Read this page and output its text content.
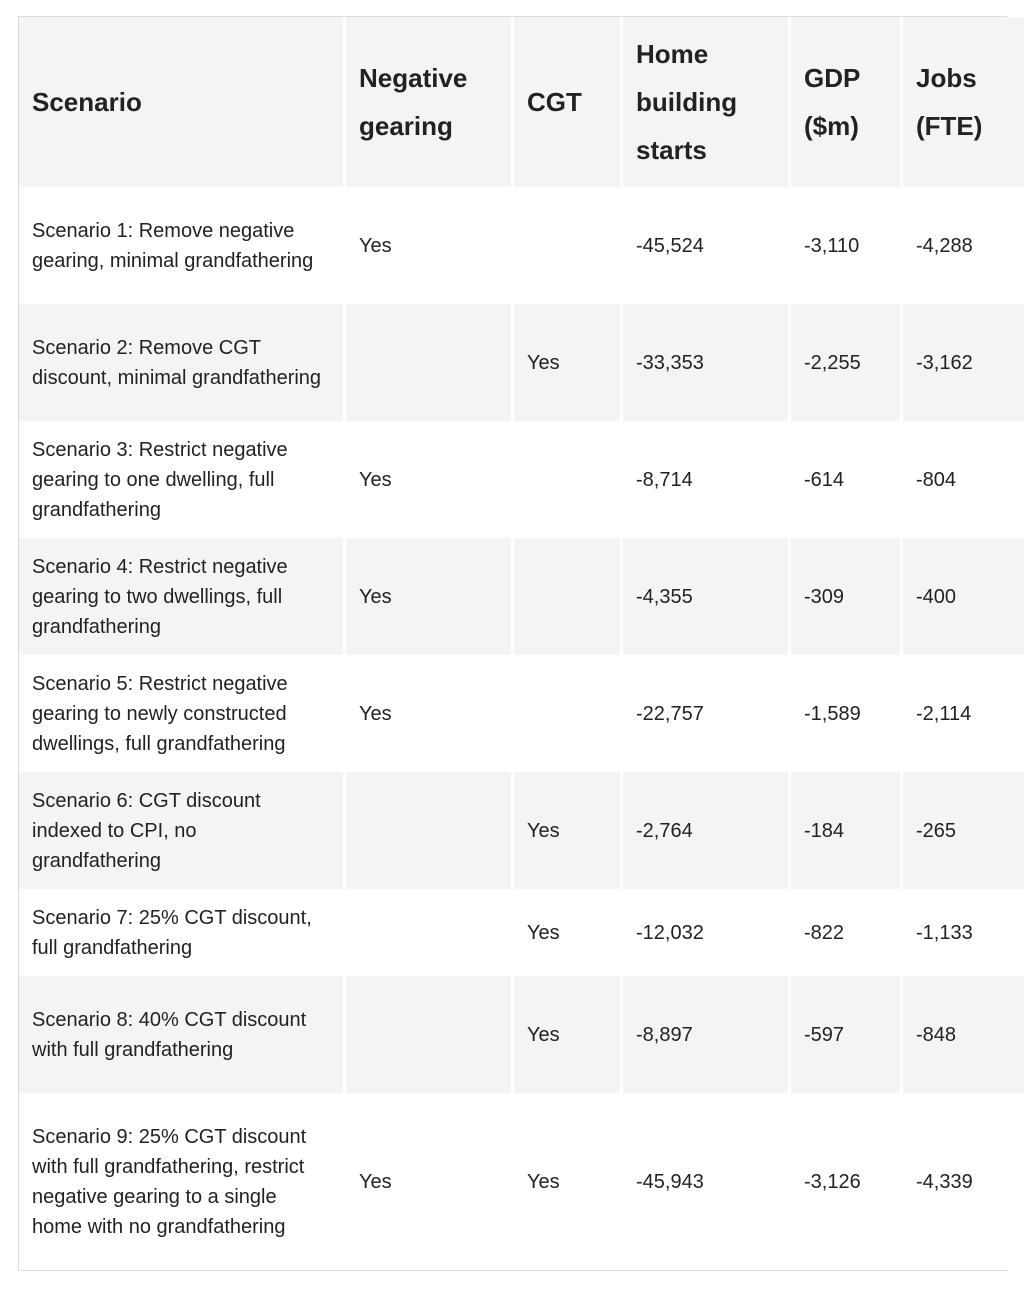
Scenario	Negative gearing	CGT	Home building starts	GDP ($m)	Jobs (FTE)
Scenario 1: Remove negative gearing, minimal grandfathering	Yes		-45,524	-3,110	-4,288
Scenario 2: Remove CGT discount, minimal grandfathering		Yes	-33,353	-2,255	-3,162
Scenario 3: Restrict negative gearing to one dwelling, full grandfathering	Yes		-8,714	-614	-804
Scenario 4: Restrict negative gearing to two dwellings, full grandfathering	Yes		-4,355	-309	-400
Scenario 5: Restrict negative gearing to newly constructed dwellings, full grandfathering	Yes		-22,757	-1,589	-2,114
Scenario 6: CGT discount indexed to CPI, no grandfathering		Yes	-2,764	-184	-265
Scenario 7: 25% CGT discount, full grandfathering		Yes	-12,032	-822	-1,133
Scenario 8: 40% CGT discount with full grandfathering		Yes	-8,897	-597	-848
Scenario 9: 25% CGT discount with full grandfathering, restrict negative gearing to a single home with no grandfathering	Yes	Yes	-45,943	-3,126	-4,339
